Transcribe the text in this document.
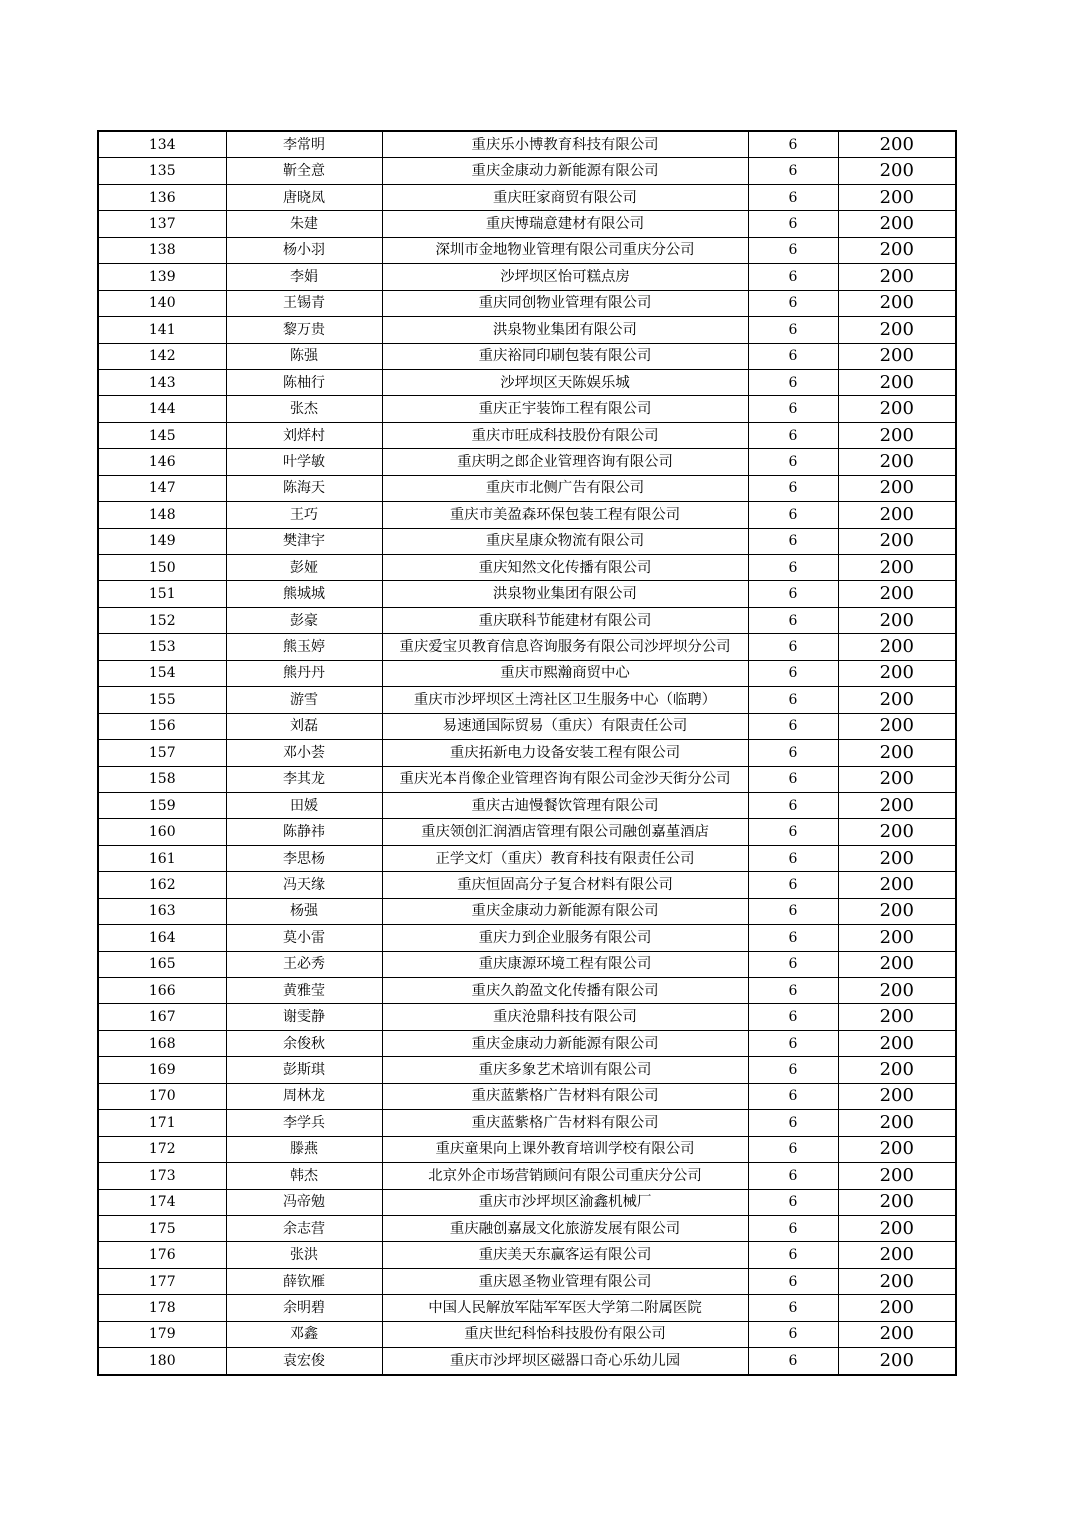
134	李常明	重庆乐小博教育科技有限公司	6	200
135	靳全意	重庆金康动力新能源有限公司	6	200
136	唐晓凤	重庆旺家商贸有限公司	6	200
137	朱建	重庆博瑞意建材有限公司	6	200
138	杨小羽	深圳市金地物业管理有限公司重庆分公司	6	200
139	李娟	沙坪坝区怡可糕点房	6	200
140	王锡青	重庆同创物业管理有限公司	6	200
141	黎万贵	洪泉物业集团有限公司	6	200
142	陈强	重庆裕同印刷包装有限公司	6	200
143	陈柚行	沙坪坝区天陈娱乐城	6	200
144	张杰	重庆正宇装饰工程有限公司	6	200
145	刘烊村	重庆市旺成科技股份有限公司	6	200
146	叶学敏	重庆明之郎企业管理咨询有限公司	6	200
147	陈海天	重庆市北侧广告有限公司	6	200
148	王巧	重庆市美盈森环保包装工程有限公司	6	200
149	樊津宇	重庆星康众物流有限公司	6	200
150	彭娅	重庆知然文化传播有限公司	6	200
151	熊城城	洪泉物业集团有限公司	6	200
152	彭豪	重庆联科节能建材有限公司	6	200
153	熊玉婷	重庆爱宝贝教育信息咨询服务有限公司沙坪坝分公司	6	200
154	熊丹丹	重庆市熙瀚商贸中心	6	200
155	游雪	重庆市沙坪坝区土湾社区卫生服务中心（临聘）	6	200
156	刘磊	易速通国际贸易（重庆）有限责任公司	6	200
157	邓小荟	重庆拓新电力设备安装工程有限公司	6	200
158	李其龙	重庆光本肖像企业管理咨询有限公司金沙天街分公司	6	200
159	田媛	重庆古迪慢餐饮管理有限公司	6	200
160	陈静祎	重庆领创汇润酒店管理有限公司融创嘉堇酒店	6	200
161	李思杨	正学文灯（重庆）教育科技有限责任公司	6	200
162	冯天缘	重庆恒固高分子复合材料有限公司	6	200
163	杨强	重庆金康动力新能源有限公司	6	200
164	莫小雷	重庆力到企业服务有限公司	6	200
165	王必秀	重庆康源环境工程有限公司	6	200
166	黄雅莹	重庆久韵盈文化传播有限公司	6	200
167	谢雯静	重庆沧鼎科技有限公司	6	200
168	余俊秋	重庆金康动力新能源有限公司	6	200
169	彭斯琪	重庆多象艺术培训有限公司	6	200
170	周林龙	重庆蓝紫格广告材料有限公司	6	200
171	李学兵	重庆蓝紫格广告材料有限公司	6	200
172	滕燕	重庆童果向上课外教育培训学校有限公司	6	200
173	韩杰	北京外企市场营销顾问有限公司重庆分公司	6	200
174	冯帝勉	重庆市沙坪坝区渝鑫机械厂	6	200
175	余志营	重庆融创嘉晟文化旅游发展有限公司	6	200
176	张洪	重庆美天东赢客运有限公司	6	200
177	薛钦雁	重庆恩圣物业管理有限公司	6	200
178	余明碧	中国人民解放军陆军军医大学第二附属医院	6	200
179	邓鑫	重庆世纪科怡科技股份有限公司	6	200
180	袁宏俊	重庆市沙坪坝区磁器口奇心乐幼儿园	6	200
